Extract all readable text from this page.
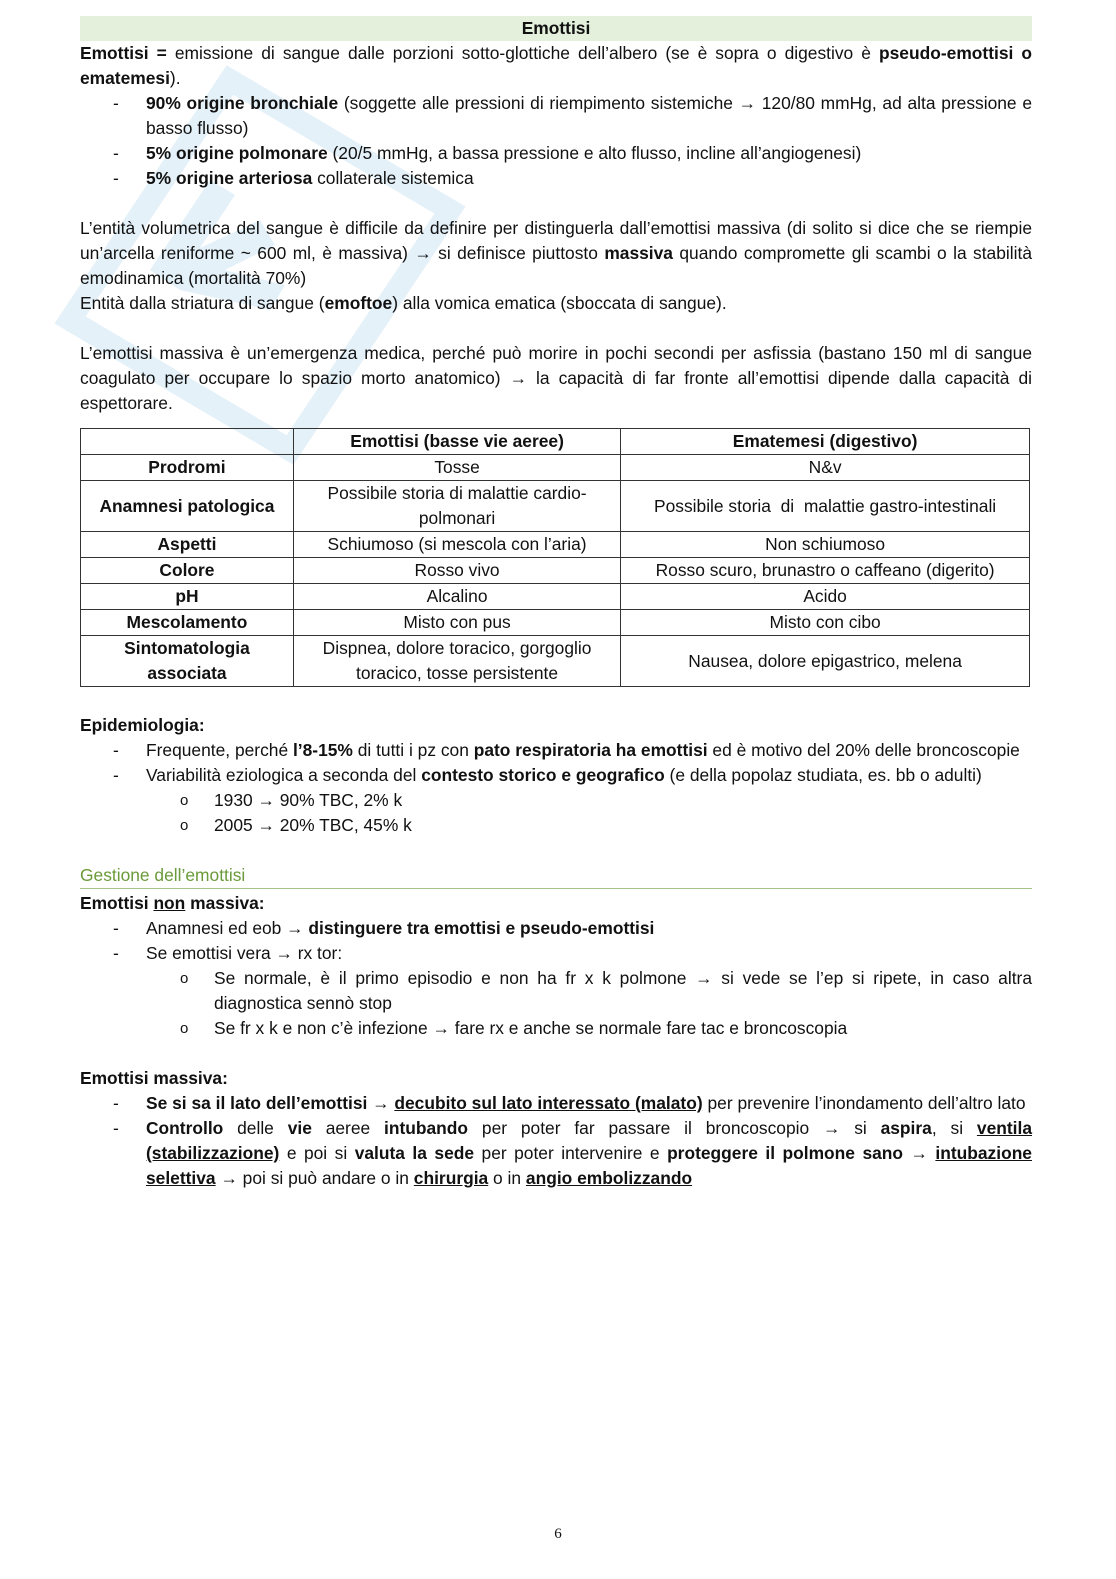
Emottisi

Emottisi = emissione di sangue dalle porzioni sotto-glottiche dell’albero (se è sopra o digestivo è pseudo-emottisi o ematemesi).

- 90% origine bronchiale (soggette alle pressioni di riempimento sistemiche → 120/80 mmHg, ad alta pressione e basso flusso)
- 5% origine polmonare (20/5 mmHg, a bassa pressione e alto flusso, incline all’angiogenesi)
- 5% origine arteriosa collaterale sistemica

L’entità volumetrica del sangue è difficile da definire per distinguerla dall’emottisi massiva (di solito si dice che se riempie un’arcella reniforme ~ 600 ml, è massiva) → si definisce piuttosto massiva quando compromette gli scambi o la stabilità emodinamica (mortalità 70%)

Entità dalla striatura di sangue (emoftoe) alla vomica ematica (sboccata di sangue).

L’emottisi massiva è un’emergenza medica, perché può morire in pochi secondi per asfissia (bastano 150 ml di sangue coagulato per occupare lo spazio morto anatomico) → la capacità di far fronte all’emottisi dipende dalla capacità di espettorare.

	Emottisi (basse vie aeree)	Ematemesi (digestivo)
Prodromi	Tosse	N&v
Anamnesi patologica	Possibile storia di malattie cardio-polmonari	Possibile storia  di  malattie gastro-intestinali
Aspetti	Schiumoso (si mescola con l’aria)	Non schiumoso
Colore	Rosso vivo	Rosso scuro, brunastro o caffeano (digerito)
pH	Alcalino	Acido
Mescolamento	Misto con pus	Misto con cibo
Sintomatologia associata	Dispnea, dolore toracico, gorgoglio toracico, tosse persistente	Nausea, dolore epigastrico, melena

Epidemiologia:

- Frequente, perché l’8-15% di tutti i pz con pato respiratoria ha emottisi ed è motivo del 20% delle broncoscopie
- Variabilità eziologica a seconda del contesto storico e geografico (e della popolaz studiata, es. bb o adulti)
o 1930 → 90% TBC, 2% k
o 2005 → 20% TBC, 45% k
Gestione dell’emottisi

Emottisi non massiva:

- Anamnesi ed eob → distinguere tra emottisi e pseudo-emottisi
- Se emottisi vera → rx tor:
o Se normale, è il primo episodio e non ha fr x k polmone → si vede se l’ep si ripete, in caso altra diagnostica sennò stop
o Se fr x k e non c’è infezione → fare rx e anche se normale fare tac e broncoscopia

Emottisi massiva:

- Se si sa il lato dell’emottisi → decubito sul lato interessato (malato) per prevenire l’inondamento dell’altro lato
- Controllo delle vie aeree intubando per poter far passare il broncoscopio → si aspira, si ventila (stabilizzazione) e poi si valuta la sede per poter intervenire e proteggere il polmone sano → intubazione selettiva → poi si può andare o in chirurgia o in angio embolizzando
6
